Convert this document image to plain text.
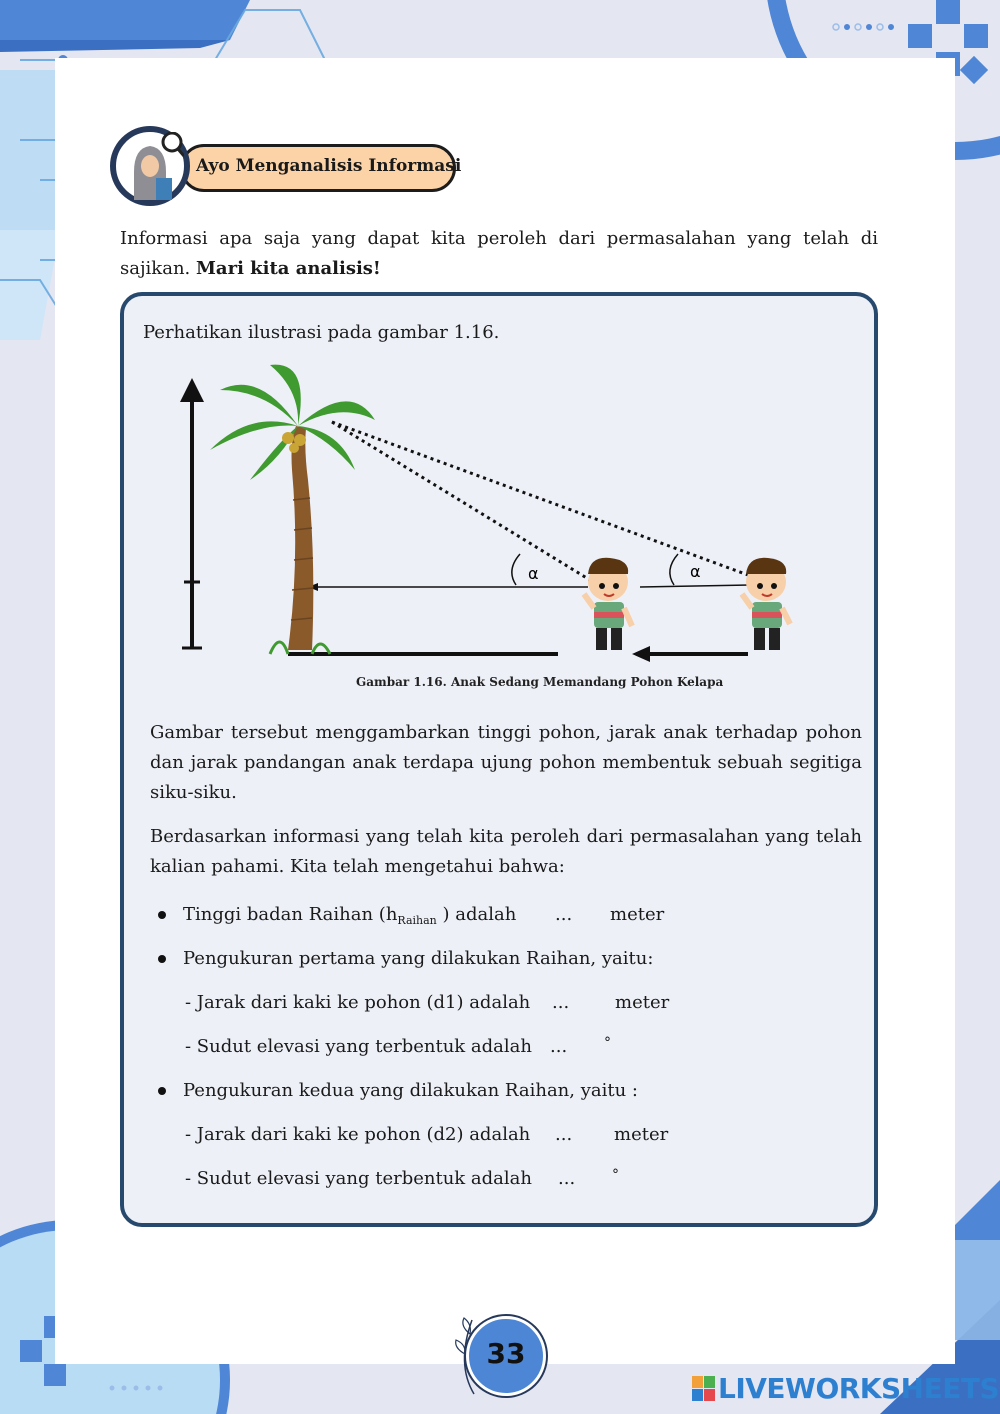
Ayo Menganalisis Informasi
Informasi apa saja yang dapat kita peroleh dari permasalahan yang telah di sajikan. Mari kita analisis!
Perhatikan ilustrasi pada gambar 1.16.
α	α
Gambar 1.16. Anak Sedang Memandang Pohon Kelapa
Gambar tersebut menggambarkan tinggi pohon, jarak anak terhadap pohon dan jarak pandangan anak terdapa ujung pohon membentuk sebuah segitiga siku-siku.
Berdasarkan informasi yang telah kita peroleh dari permasalahan yang telah kalian pahami. Kita telah mengetahui bahwa:
Tinggi badan Raihan ($h_{Raihan}$ ) adalah ... meter
Pengukuran pertama yang dilakukan Raihan, yaitu:
- Jarak dari kaki ke pohon (d1) adalah ...	meter
- Sudut elevasi yang terbentuk adalah ...	°
Pengukuran kedua yang dilakukan Raihan, yaitu :
- Jarak dari kaki ke pohon (d2) adalah ... meter
- Sudut elevasi yang terbentuk adalah ...	°
33
LIVEWORKSHEETS
